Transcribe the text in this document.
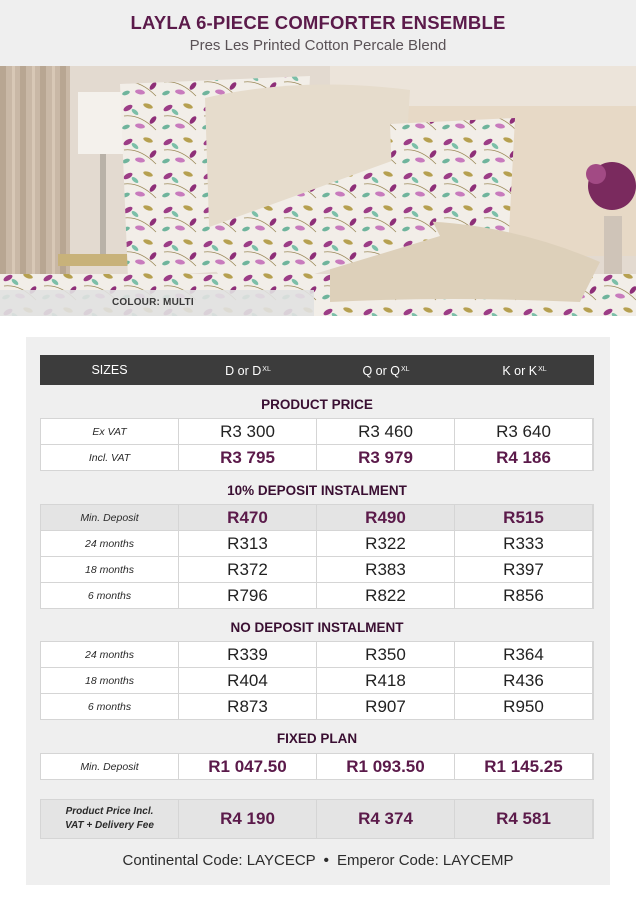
LAYLA 6-PIECE COMFORTER ENSEMBLE
Pres Les Printed Cotton Percale Blend
COLOUR: MULTI
SIZES	D or $D^{XL}$	Q or $Q^{XL}$	K or $K^{XL}$
PRODUCT PRICE
Ex VAT	R3 300	R3 460	R3 640
Incl. VAT	R3 795	R3 979	R4 186
10% DEPOSIT INSTALMENT
Min. Deposit	R470	R490	R515
24 months	R313	R322	R333
18 months	R372	R383	R397
6 months	R796	R822	R856
NO DEPOSIT INSTALMENT
24 months	R339	R350	R364
18 months	R404	R418	R436
6 months	R873	R907	R950
FIXED PLAN
Min. Deposit	R1 047.50	R1 093.50	R1 145.25
Product Price Incl.
VAT + Delivery Fee	R4 190	R4 374	R4 581
Continental Code: LAYCECP • Emperor Code: LAYCEMP
